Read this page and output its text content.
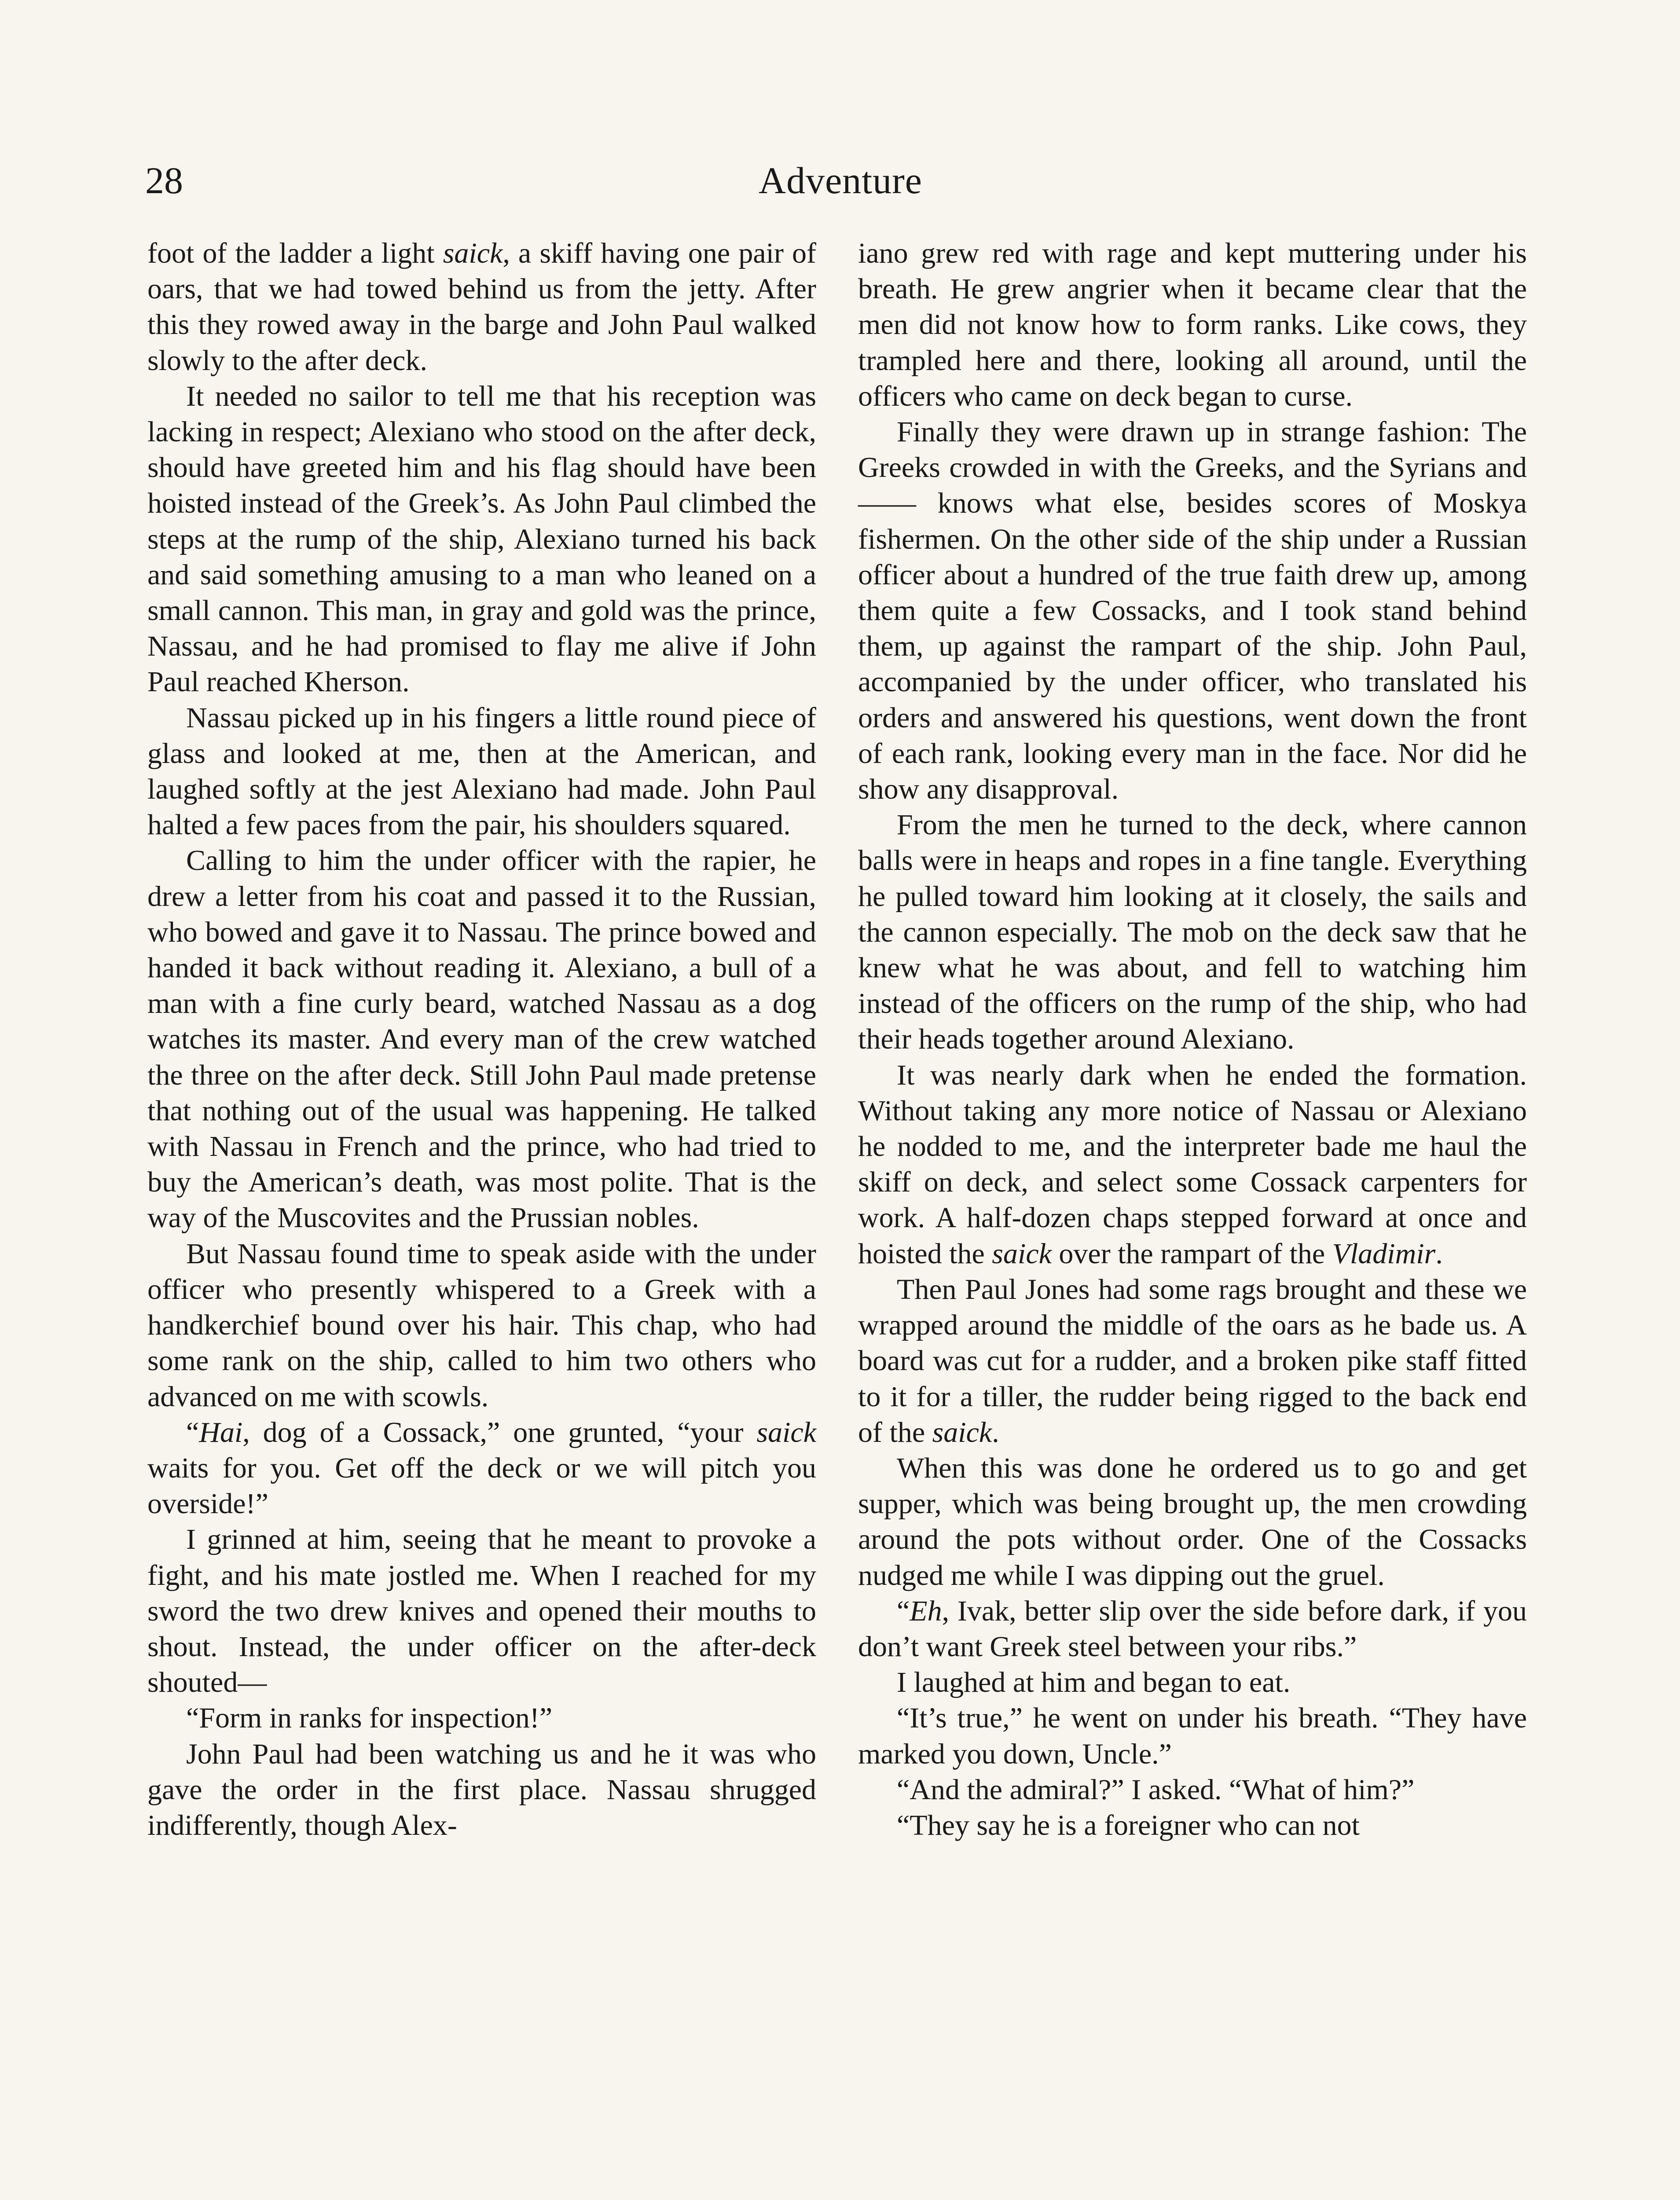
28	Adventure

foot of the ladder a light saick, a skiff having one pair of oars, that we had towed behind us from the jetty. After this they rowed away in the barge and John Paul walked slowly to the after deck.

It needed no sailor to tell me that his reception was lacking in respect; Alexiano who stood on the after deck, should have greeted him and his flag should have been hoisted instead of the Greek’s. As John Paul climbed the steps at the rump of the ship, Alexiano turned his back and said something amusing to a man who leaned on a small cannon. This man, in gray and gold was the prince, Nassau, and he had promised to flay me alive if John Paul reached Kherson.

Nassau picked up in his fingers a little round piece of glass and looked at me, then at the American, and laughed softly at the jest Alexiano had made. John Paul halted a few paces from the pair, his shoulders squared.

Calling to him the under officer with the rapier, he drew a letter from his coat and passed it to the Russian, who bowed and gave it to Nassau. The prince bowed and handed it back without reading it. Alexiano, a bull of a man with a fine curly beard, watched Nassau as a dog watches its master. And every man of the crew watched the three on the after deck. Still John Paul made pretense that nothing out of the usual was happening. He talked with Nassau in French and the prince, who had tried to buy the American’s death, was most polite. That is the way of the Muscovites and the Prussian nobles.

But Nassau found time to speak aside with the under officer who presently whispered to a Greek with a handkerchief bound over his hair. This chap, who had some rank on the ship, called to him two others who advanced on me with scowls.

“Hai, dog of a Cossack,” one grunted, “your saick waits for you. Get off the deck or we will pitch you overside!”

I grinned at him, seeing that he meant to provoke a fight, and his mate jostled me. When I reached for my sword the two drew knives and opened their mouths to shout. Instead, the under officer on the after-deck shouted—

“Form in ranks for inspection!”

John Paul had been watching us and he it was who gave the order in the first place. Nassau shrugged indifferently, though Alex-

iano grew red with rage and kept muttering under his breath. He grew angrier when it became clear that the men did not know how to form ranks. Like cows, they trampled here and there, looking all around, until the officers who came on deck began to curse.

Finally they were drawn up in strange fashion: The Greeks crowded in with the Greeks, and the Syrians and —— knows what else, besides scores of Moskya fishermen. On the other side of the ship under a Russian officer about a hundred of the true faith drew up, among them quite a few Cossacks, and I took stand behind them, up against the rampart of the ship. John Paul, accompanied by the under officer, who translated his orders and answered his questions, went down the front of each rank, looking every man in the face. Nor did he show any disapproval.

From the men he turned to the deck, where cannon balls were in heaps and ropes in a fine tangle. Everything he pulled toward him looking at it closely, the sails and the cannon especially. The mob on the deck saw that he knew what he was about, and fell to watching him instead of the officers on the rump of the ship, who had their heads together around Alexiano.

It was nearly dark when he ended the formation. Without taking any more notice of Nassau or Alexiano he nodded to me, and the interpreter bade me haul the skiff on deck, and select some Cossack carpenters for work. A half-dozen chaps stepped forward at once and hoisted the saick over the rampart of the Vladimir.

Then Paul Jones had some rags brought and these we wrapped around the middle of the oars as he bade us. A board was cut for a rudder, and a broken pike staff fitted to it for a tiller, the rudder being rigged to the back end of the saick.

When this was done he ordered us to go and get supper, which was being brought up, the men crowding around the pots without order. One of the Cossacks nudged me while I was dipping out the gruel.

“Eh, Ivak, better slip over the side before dark, if you don’t want Greek steel between your ribs.”

I laughed at him and began to eat.

“It’s true,” he went on under his breath. “They have marked you down, Uncle.”

“And the admiral?” I asked. “What of him?”

“They say he is a foreigner who can not
